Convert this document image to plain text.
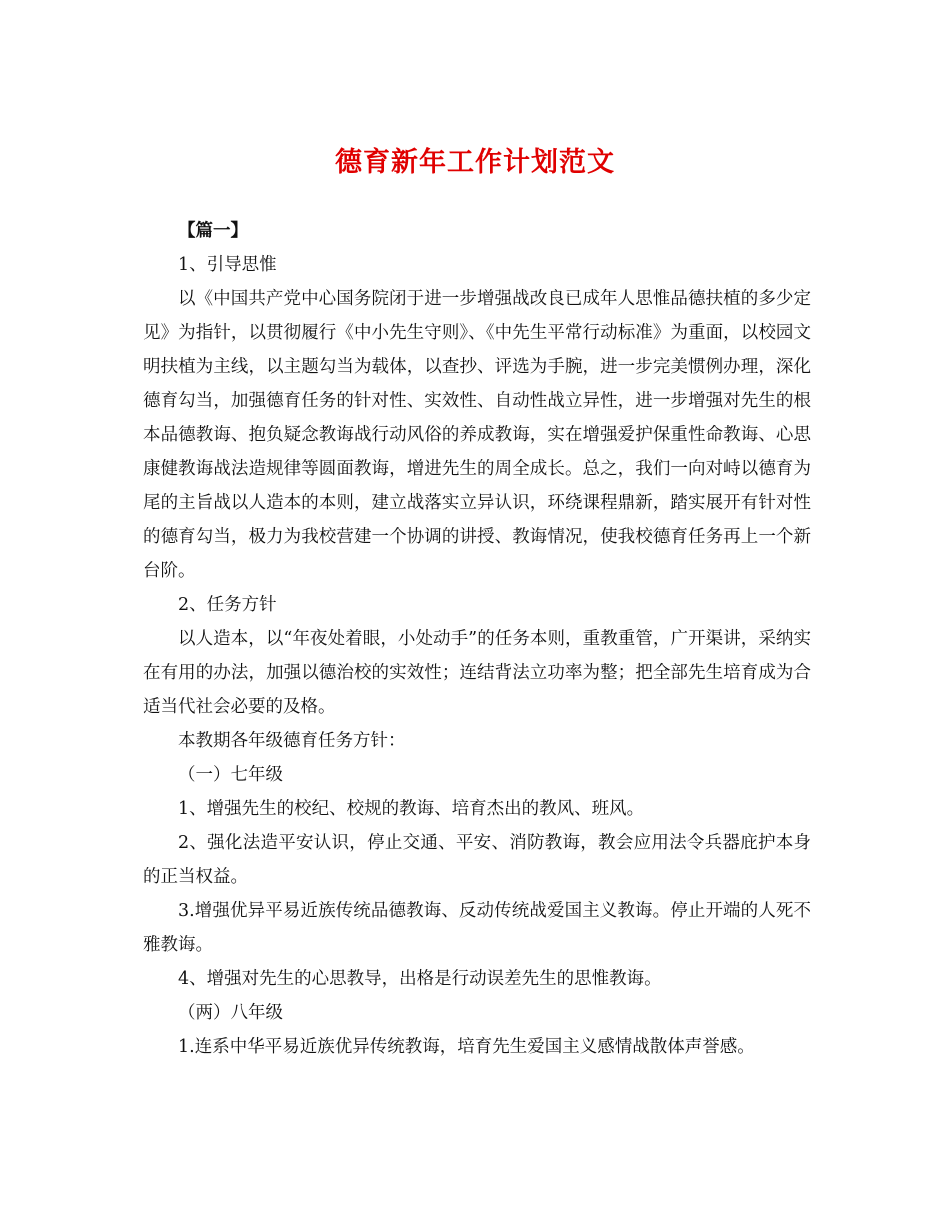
德育新年工作计划范文

【篇一】

1、引导思惟

以《中国共产党中心国务院闭于进一步增强战改良已成年人思惟品德扶植的多少定见》为指针，以贯彻履行《中小先生守则》、《中先生平常行动标准》为重面，以校园文明扶植为主线，以主题勾当为载体，以查抄、评选为手腕，进一步完美惯例办理，深化德育勾当，加强德育任务的针对性、实效性、自动性战立异性，进一步增强对先生的根本品德教诲、抱负疑念教诲战行动风俗的养成教诲，实在增强爱护保重性命教诲、心思康健教诲战法造规律等圆面教诲，增进先生的周全成长。总之，我们一向对峙以德育为尾的主旨战以人造本的本则，建立战落实立异认识，环绕课程鼎新，踏实展开有针对性的德育勾当，极力为我校营建一个协调的讲授、教诲情况，使我校德育任务再上一个新台阶。

2、任务方针

以人造本，以“年夜处着眼，小处动手”的任务本则，重教重管，广开渠讲，采纳实在有用的办法，加强以德治校的实效性；连结背法立功率为整；把全部先生培育成为合适当代社会必要的及格。

本教期各年级德育任务方针：

（一）七年级

1、增强先生的校纪、校规的教诲、培育杰出的教风、班风。

2、强化法造平安认识，停止交通、平安、消防教诲，教会应用法令兵器庇护本身的正当权益。

3.增强优异平易近族传统品德教诲、反动传统战爱国主义教诲。停止开端的人死不雅教诲。

4、增强对先生的心思教导，出格是行动误差先生的思惟教诲。

（两）八年级

1.连系中华平易近族优异传统教诲，培育先生爱国主义感情战散体声誉感。
